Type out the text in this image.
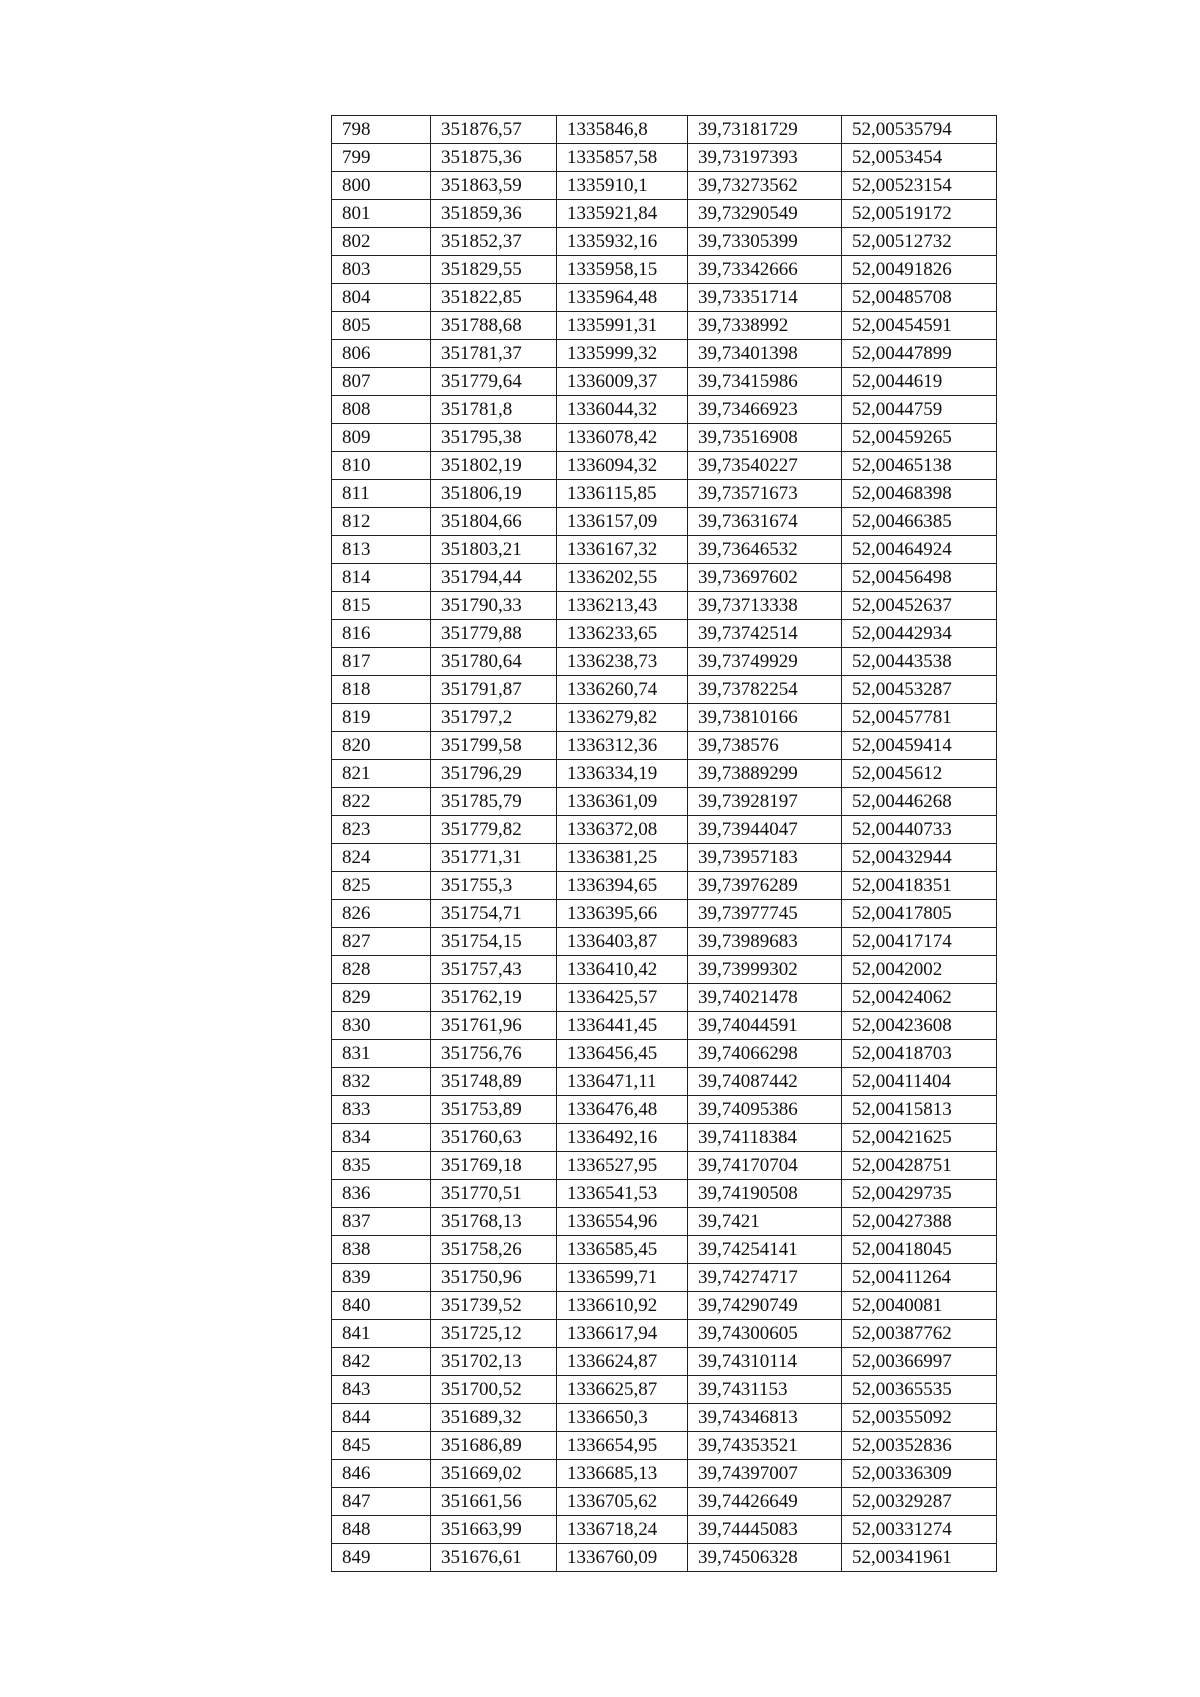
798	351876,57	1335846,8	39,73181729	52,00535794
799	351875,36	1335857,58	39,73197393	52,0053454
800	351863,59	1335910,1	39,73273562	52,00523154
801	351859,36	1335921,84	39,73290549	52,00519172
802	351852,37	1335932,16	39,73305399	52,00512732
803	351829,55	1335958,15	39,73342666	52,00491826
804	351822,85	1335964,48	39,73351714	52,00485708
805	351788,68	1335991,31	39,7338992	52,00454591
806	351781,37	1335999,32	39,73401398	52,00447899
807	351779,64	1336009,37	39,73415986	52,0044619
808	351781,8	1336044,32	39,73466923	52,0044759
809	351795,38	1336078,42	39,73516908	52,00459265
810	351802,19	1336094,32	39,73540227	52,00465138
811	351806,19	1336115,85	39,73571673	52,00468398
812	351804,66	1336157,09	39,73631674	52,00466385
813	351803,21	1336167,32	39,73646532	52,00464924
814	351794,44	1336202,55	39,73697602	52,00456498
815	351790,33	1336213,43	39,73713338	52,00452637
816	351779,88	1336233,65	39,73742514	52,00442934
817	351780,64	1336238,73	39,73749929	52,00443538
818	351791,87	1336260,74	39,73782254	52,00453287
819	351797,2	1336279,82	39,73810166	52,00457781
820	351799,58	1336312,36	39,738576	52,00459414
821	351796,29	1336334,19	39,73889299	52,0045612
822	351785,79	1336361,09	39,73928197	52,00446268
823	351779,82	1336372,08	39,73944047	52,00440733
824	351771,31	1336381,25	39,73957183	52,00432944
825	351755,3	1336394,65	39,73976289	52,00418351
826	351754,71	1336395,66	39,73977745	52,00417805
827	351754,15	1336403,87	39,73989683	52,00417174
828	351757,43	1336410,42	39,73999302	52,0042002
829	351762,19	1336425,57	39,74021478	52,00424062
830	351761,96	1336441,45	39,74044591	52,00423608
831	351756,76	1336456,45	39,74066298	52,00418703
832	351748,89	1336471,11	39,74087442	52,00411404
833	351753,89	1336476,48	39,74095386	52,00415813
834	351760,63	1336492,16	39,74118384	52,00421625
835	351769,18	1336527,95	39,74170704	52,00428751
836	351770,51	1336541,53	39,74190508	52,00429735
837	351768,13	1336554,96	39,7421	52,00427388
838	351758,26	1336585,45	39,74254141	52,00418045
839	351750,96	1336599,71	39,74274717	52,00411264
840	351739,52	1336610,92	39,74290749	52,0040081
841	351725,12	1336617,94	39,74300605	52,00387762
842	351702,13	1336624,87	39,74310114	52,00366997
843	351700,52	1336625,87	39,7431153	52,00365535
844	351689,32	1336650,3	39,74346813	52,00355092
845	351686,89	1336654,95	39,74353521	52,00352836
846	351669,02	1336685,13	39,74397007	52,00336309
847	351661,56	1336705,62	39,74426649	52,00329287
848	351663,99	1336718,24	39,74445083	52,00331274
849	351676,61	1336760,09	39,74506328	52,00341961
